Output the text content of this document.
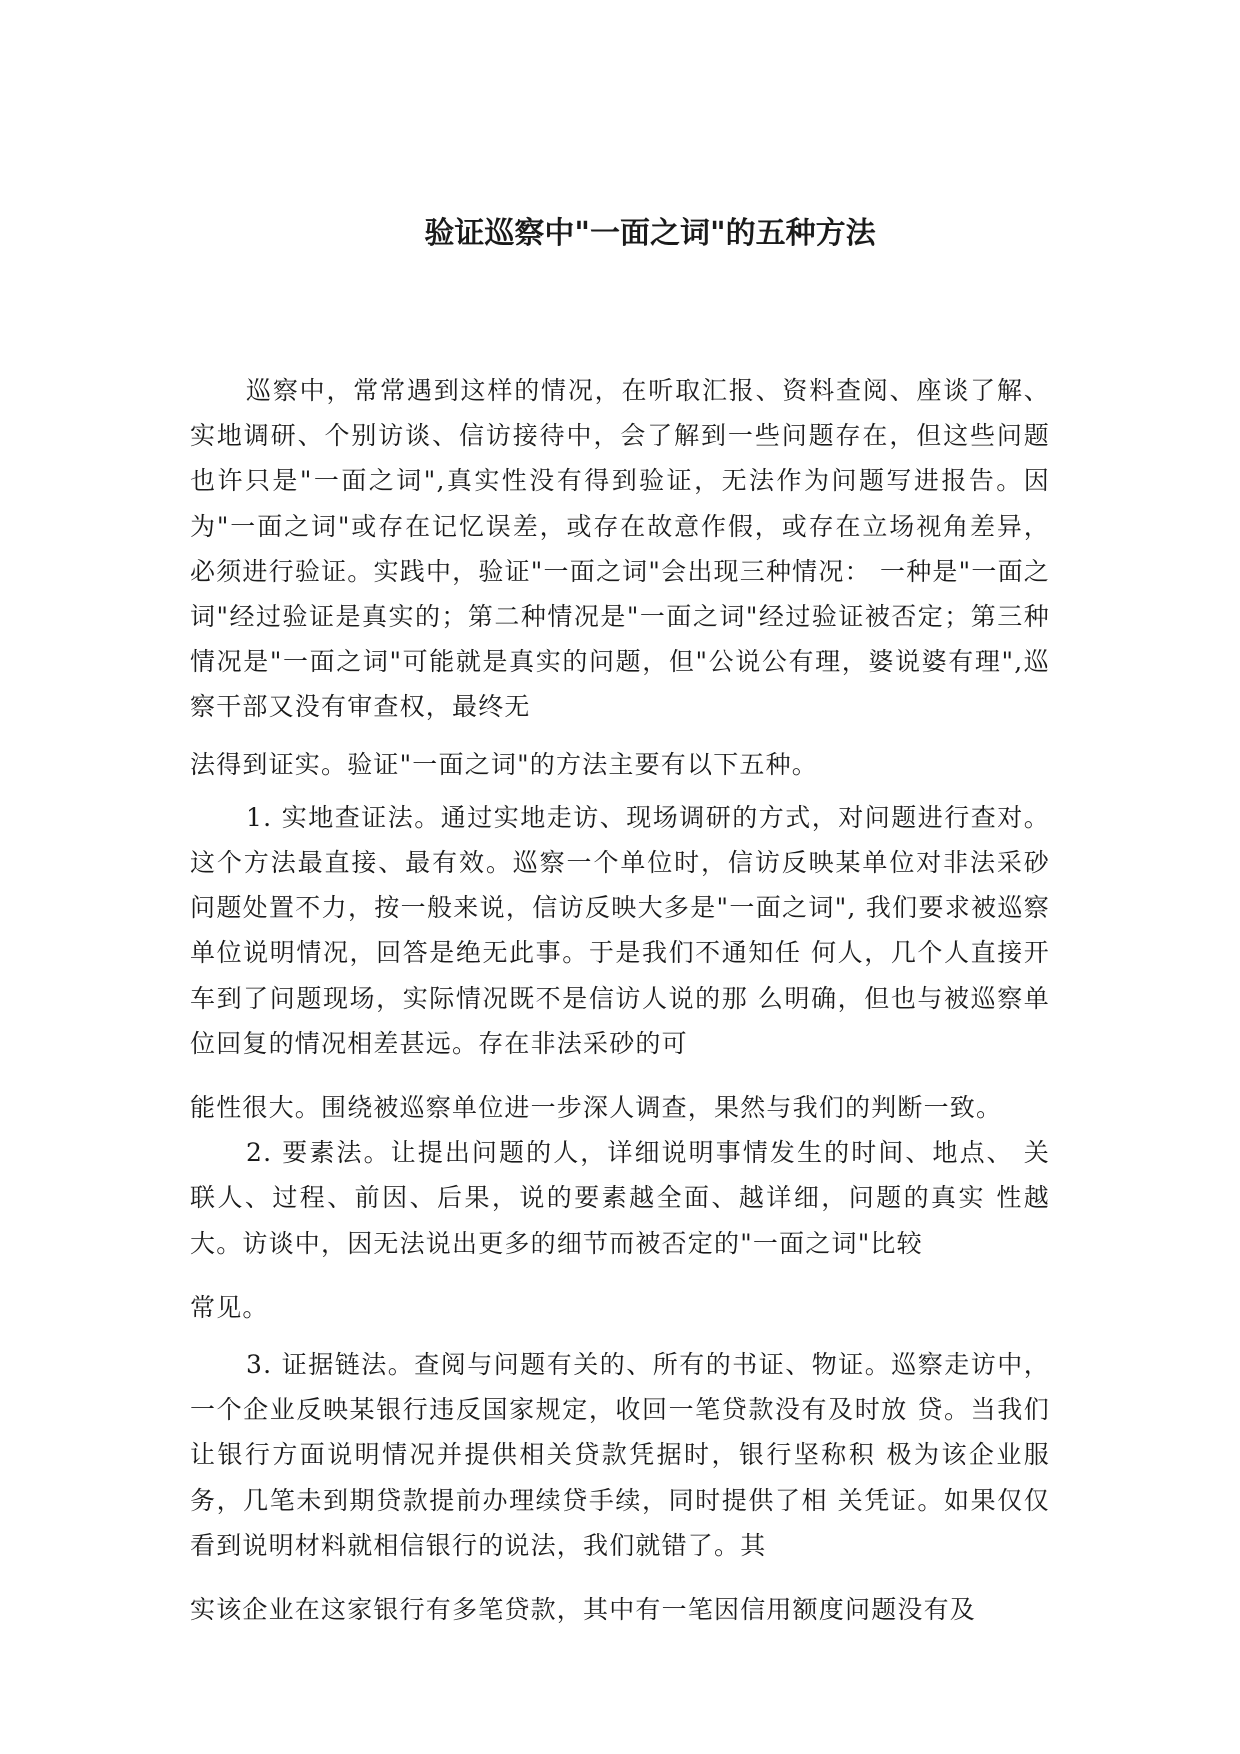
验证巡察中"一面之词"的五种方法

巡察中，常常遇到这样的情况，在听取汇报、资料查阅、座谈了解、实地调研、个别访谈、信访接待中，会了解到一些问题存在，但这些问题也许只是"一面之词",真实性没有得到验证，无法作为问题写进报告。因为"一面之词"或存在记忆误差，或存在故意作假，或存在立场视角差异，必须进行验证。实践中，验证"一面之词"会出现三种情况： 一种是"一面之词"经过验证是真实的；第二种情况是"一面之词"经过验证被否定；第三种情况是"一面之词"可能就是真实的问题，但"公说公有理，婆说婆有理",巡察干部又没有审查权，最终无

法得到证实。验证"一面之词"的方法主要有以下五种。

1. 实地查证法。通过实地走访、现场调研的方式，对问题进行查对。这个方法最直接、最有效。巡察一个单位时，信访反映某单位对非法采砂问题处置不力，按一般来说，信访反映大多是"一面之词", 我们要求被巡察单位说明情况，回答是绝无此事。于是我们不通知任 何人，几个人直接开车到了问题现场，实际情况既不是信访人说的那 么明确，但也与被巡察单位回复的情况相差甚远。存在非法采砂的可

能性很大。围绕被巡察单位进一步深人调查，果然与我们的判断一致。

2. 要素法。让提出问题的人，详细说明事情发生的时间、地点、 关联人、过程、前因、后果，说的要素越全面、越详细，问题的真实 性越大。访谈中，因无法说出更多的细节而被否定的"一面之词"比较

常见。

3. 证据链法。查阅与问题有关的、所有的书证、物证。巡察走访中， 一个企业反映某银行违反国家规定，收回一笔贷款没有及时放 贷。当我们让银行方面说明情况并提供相关贷款凭据时，银行坚称积 极为该企业服务，几笔未到期贷款提前办理续贷手续，同时提供了相 关凭证。如果仅仅看到说明材料就相信银行的说法，我们就错了。其

实该企业在这家银行有多笔贷款，其中有一笔因信用额度问题没有及
